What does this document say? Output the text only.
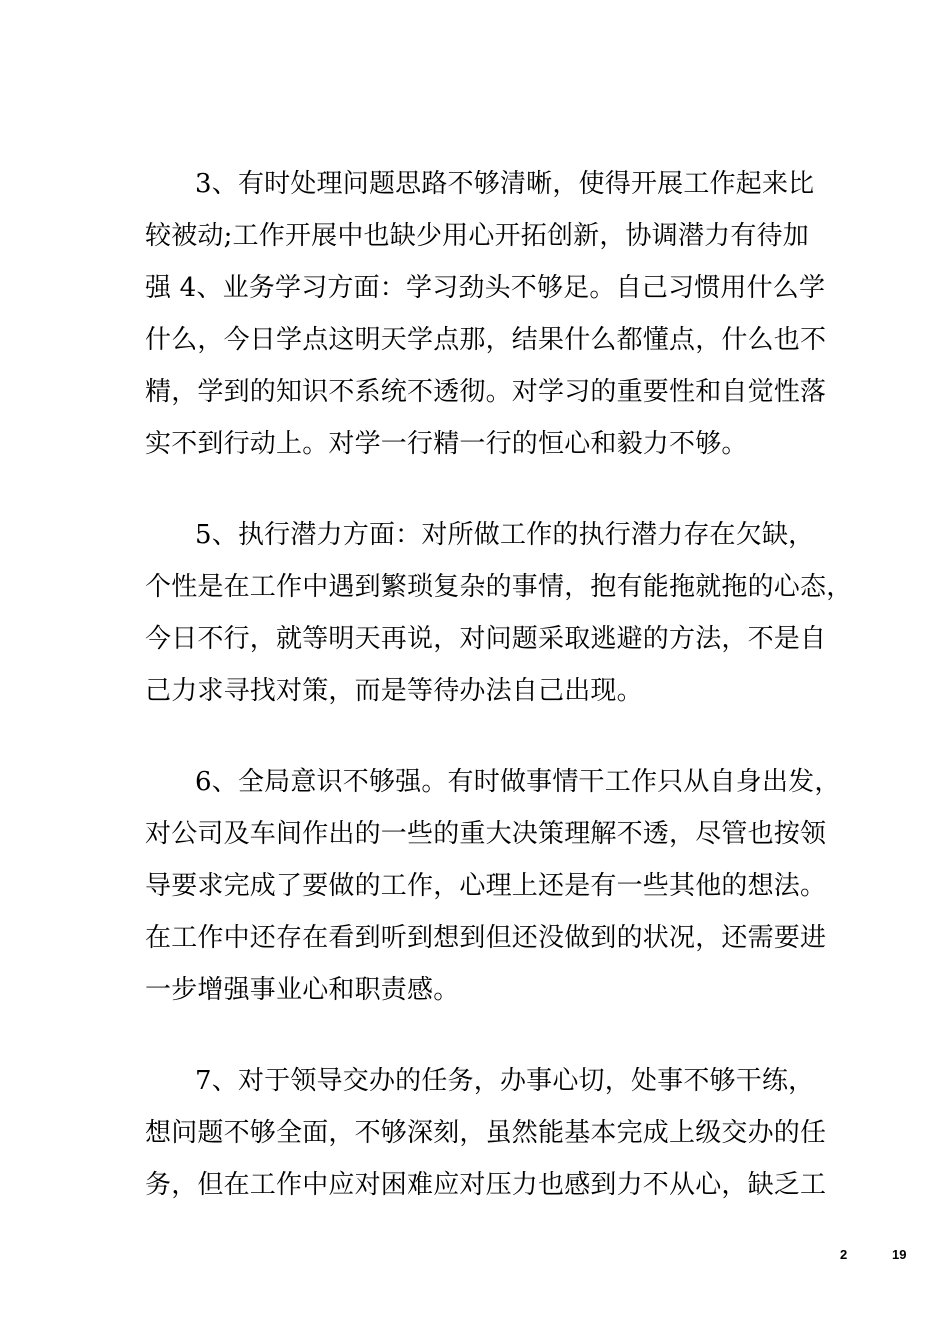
3、有时处理问题思路不够清晰，使得开展工作起来比
较被动;工作开展中也缺少用心开拓创新，协调潜力有待加
强 4、业务学习方面：学习劲头不够足。自己习惯用什么学
什么，今日学点这明天学点那，结果什么都懂点，什么也不
精，学到的知识不系统不透彻。对学习的重要性和自觉性落
实不到行动上。对学一行精一行的恒心和毅力不够。
5、执行潜力方面：对所做工作的执行潜力存在欠缺，
个性是在工作中遇到繁琐复杂的事情，抱有能拖就拖的心态，
今日不行，就等明天再说，对问题采取逃避的方法，不是自
己力求寻找对策，而是等待办法自己出现。
6、全局意识不够强。有时做事情干工作只从自身出发，
对公司及车间作出的一些的重大决策理解不透，尽管也按领
导要求完成了要做的工作，心理上还是有一些其他的想法。
在工作中还存在看到听到想到但还没做到的状况，还需要进
一步增强事业心和职责感。
7、对于领导交办的任务，办事心切，处事不够干练，
想问题不够全面，不够深刻，虽然能基本完成上级交办的任
务，但在工作中应对困难应对压力也感到力不从心，缺乏工
2	19
